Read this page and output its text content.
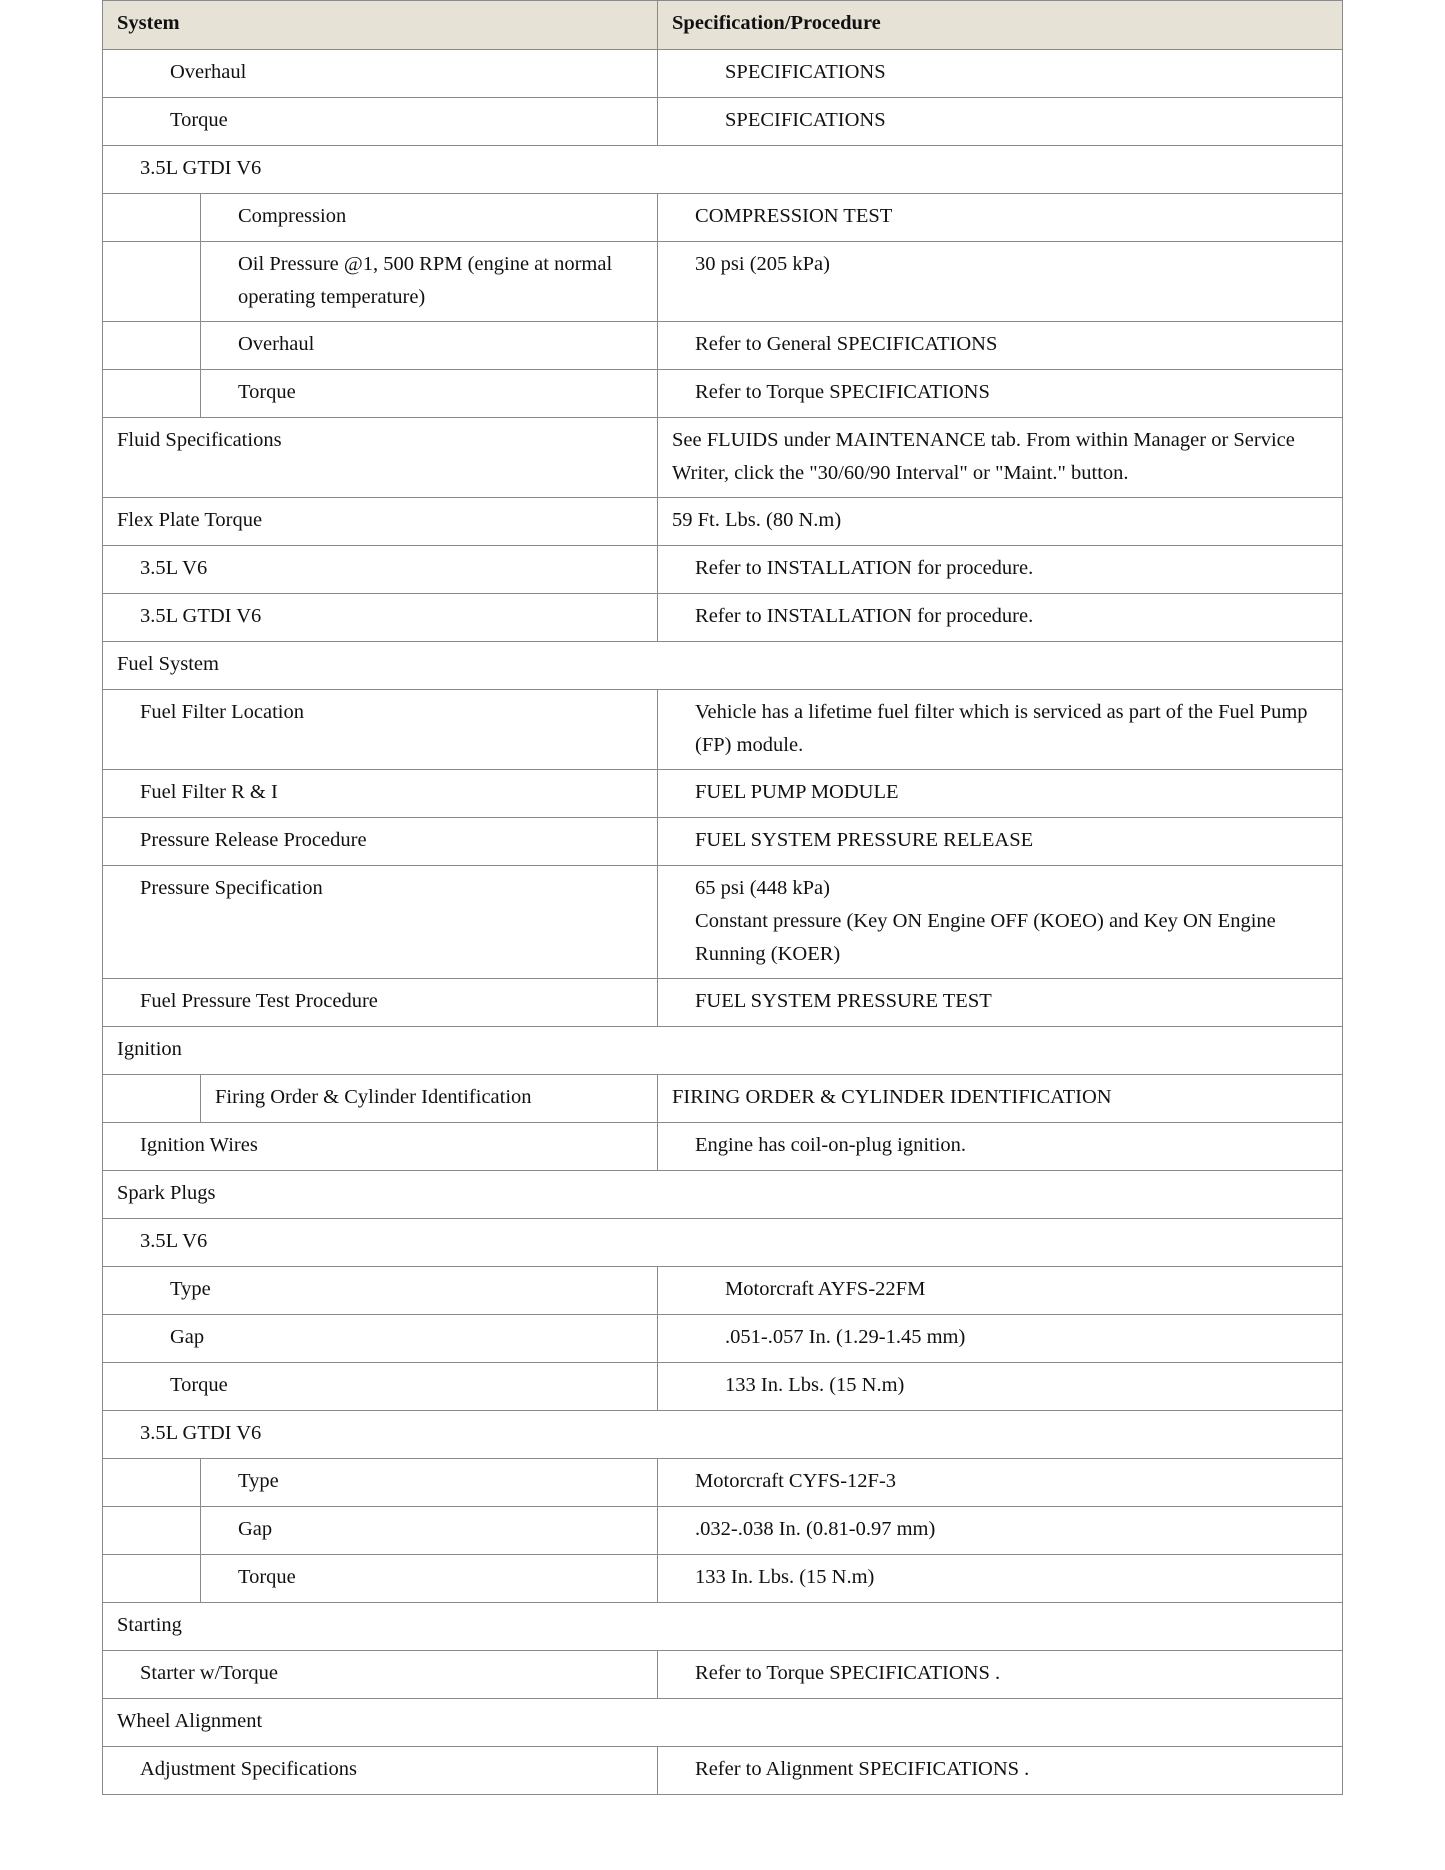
System		Specification/Procedure
Overhaul		SPECIFICATIONS
Torque		SPECIFICATIONS
3.5L GTDI V6		
	Compression	COMPRESSION TEST
	Oil Pressure @1, 500 RPM (engine at normal operating temperature)	30 psi (205 kPa)
	Overhaul	Refer to General SPECIFICATIONS
	Torque	Refer to Torque SPECIFICATIONS
Fluid Specifications		See FLUIDS under MAINTENANCE tab. From within Manager or Service Writer, click the "30/60/90 Interval" or "Maint." button.
Flex Plate Torque		59 Ft. Lbs. (80 N.m)
3.5L V6		Refer to INSTALLATION for procedure.
3.5L GTDI V6		Refer to INSTALLATION for procedure.
Fuel System		
Fuel Filter Location		Vehicle has a lifetime fuel filter which is serviced as part of the Fuel Pump (FP) module.
Fuel Filter R & I		FUEL PUMP MODULE
Pressure Release Procedure		FUEL SYSTEM PRESSURE RELEASE
Pressure Specification		65 psi (448 kPa)
Constant pressure (Key ON Engine OFF (KOEO) and Key ON Engine Running (KOER)

Fuel Pressure Test Procedure		FUEL SYSTEM PRESSURE TEST
Ignition		
	Firing Order & Cylinder Identification	FIRING ORDER & CYLINDER IDENTIFICATION
Ignition Wires		Engine has coil-on-plug ignition.
Spark Plugs		
3.5L V6		
Type		Motorcraft AYFS-22FM
Gap		.051-.057 In. (1.29-1.45 mm)
Torque		133 In. Lbs. (15 N.m)
3.5L GTDI V6		
	Type	Motorcraft CYFS-12F-3
	Gap	.032-.038 In. (0.81-0.97 mm)
	Torque	133 In. Lbs. (15 N.m)
Starting		
Starter w/Torque		Refer to Torque SPECIFICATIONS .
Wheel Alignment		
Adjustment Specifications		Refer to Alignment SPECIFICATIONS .
